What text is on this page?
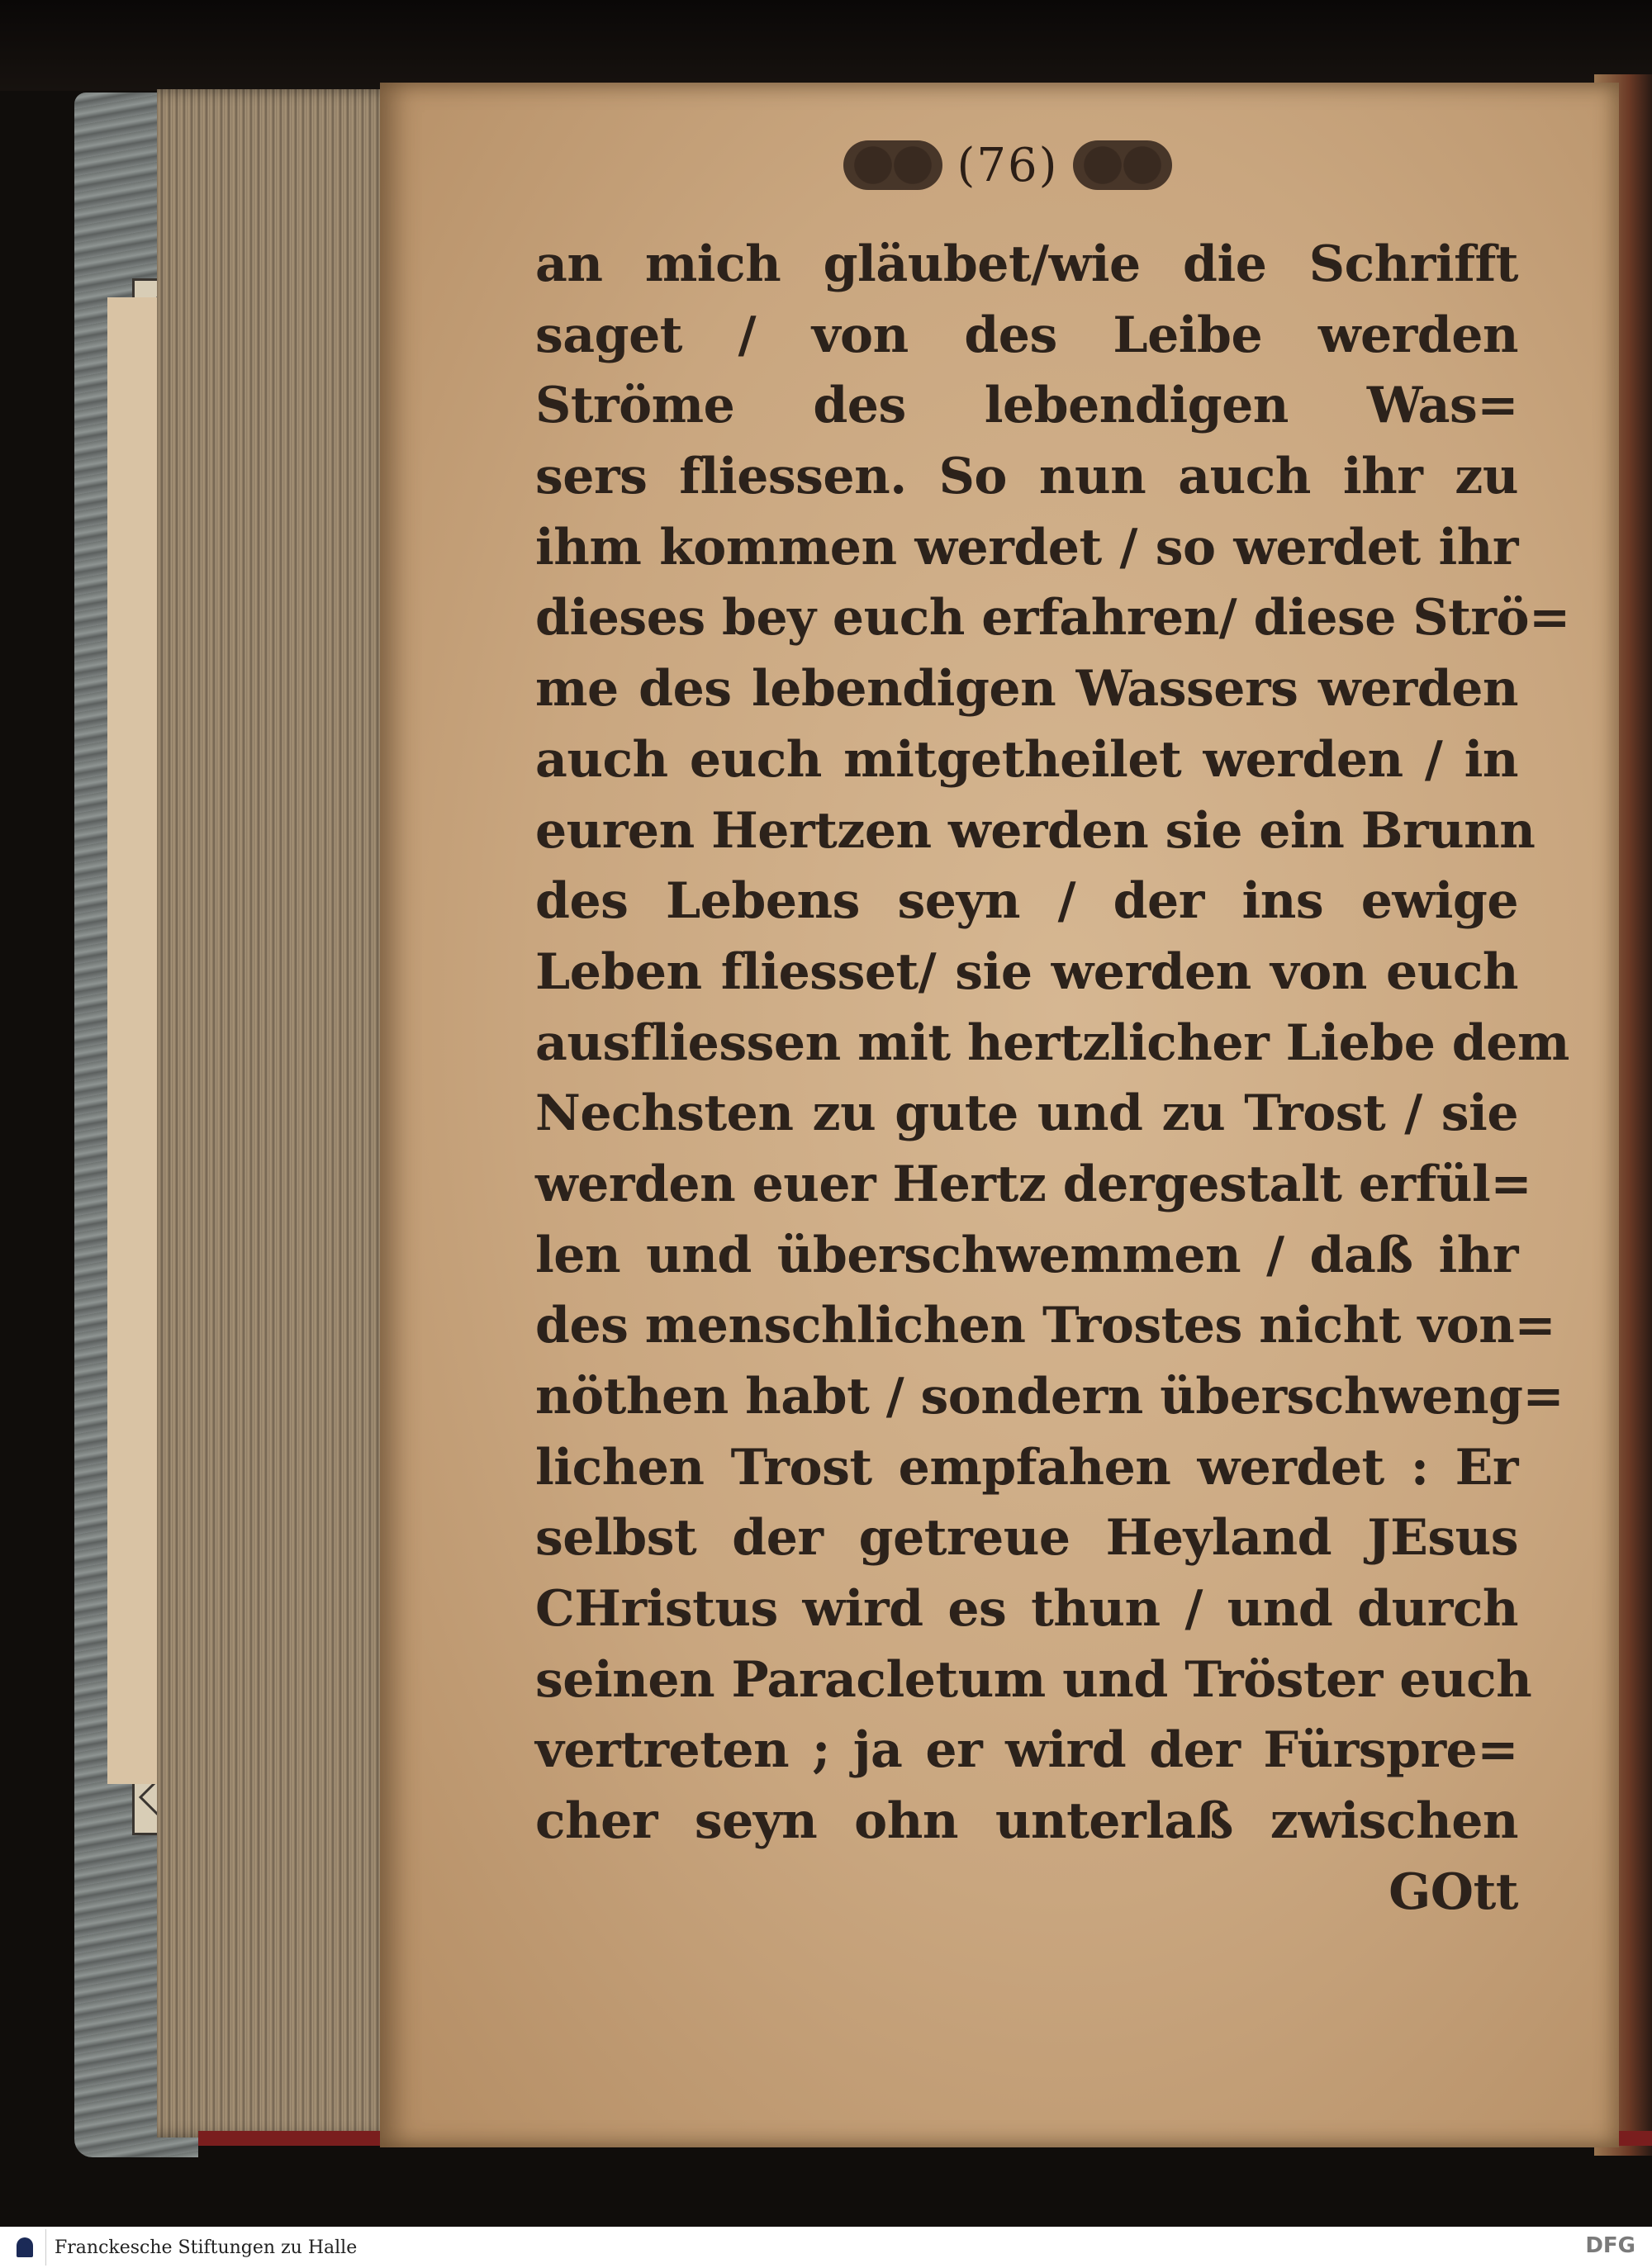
(76)
an mich gläubet/wie die Schrifft
saget / von des Leibe werden
Ströme des lebendigen Was=
sers fliessen. So nun auch ihr zu
ihm kommen werdet / so werdet ihr
dieses bey euch erfahren/ diese Strö=
me des lebendigen Wassers werden
auch euch mitgetheilet werden / in
euren Hertzen werden sie ein Brunn
des Lebens seyn / der ins ewige
Leben fliesset/ sie werden von euch
ausfliessen mit hertzlicher Liebe dem
Nechsten zu gute und zu Trost / sie
werden euer Hertz dergestalt erfül=
len und überschwemmen / daß ihr
des menschlichen Trostes nicht von=
nöthen habt / sondern überschweng=
lichen Trost empfahen werdet : Er
selbst der getreue Heyland JEsus
CHristus wird es thun / und durch
seinen Paracletum und Tröster euch
vertreten ; ja er wird der Fürspre=
cher seyn ohn unterlaß zwischen
GOtt
Franckesche Stiftungen zu Halle	DFG
